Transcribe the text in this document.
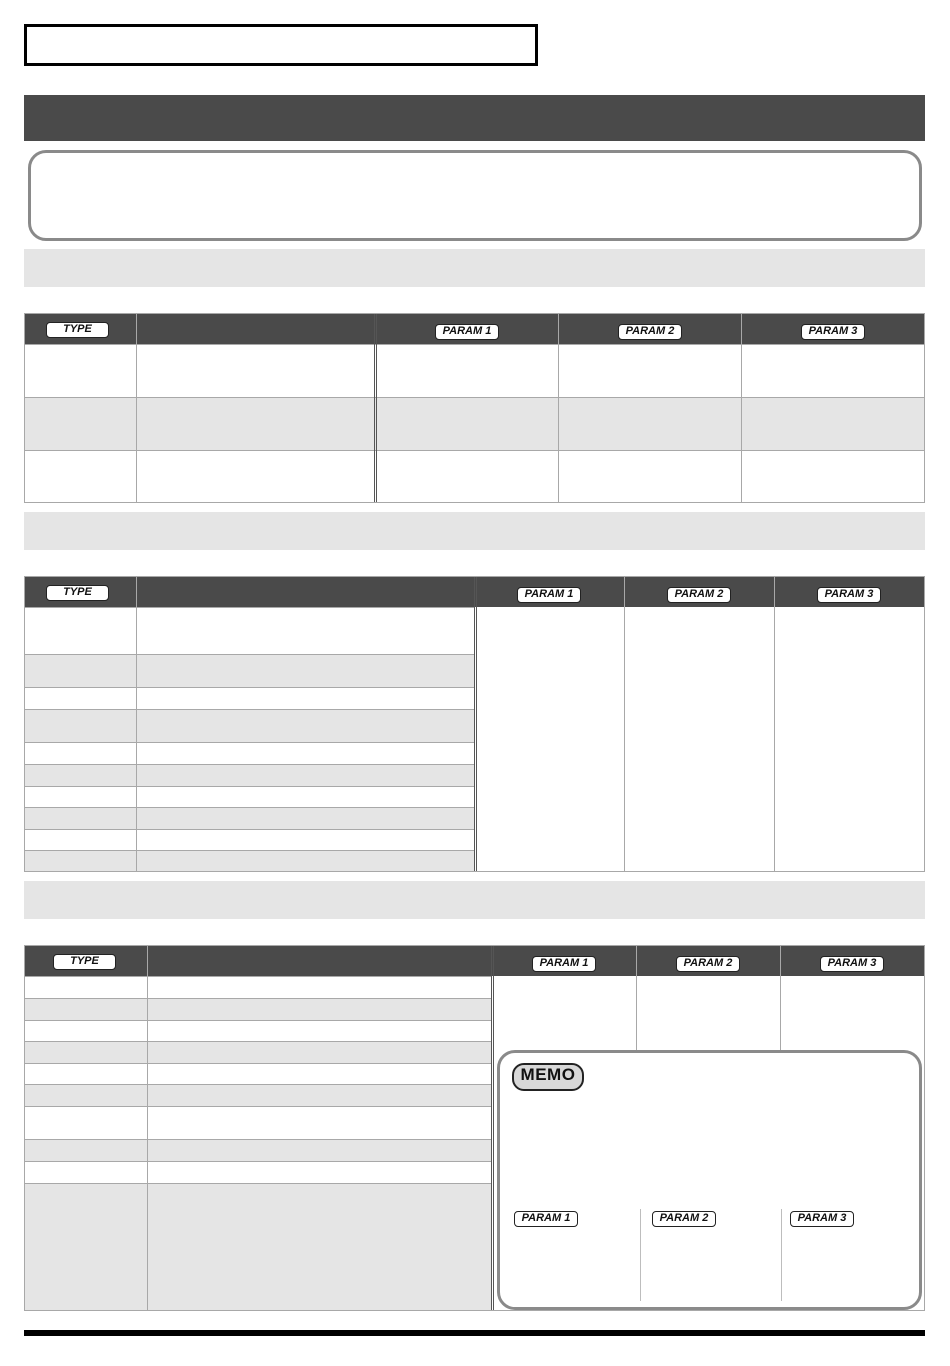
TYPE	PARAM 1	PARAM 2	PARAM 3
TYPE	PARAM 1	PARAM 2	PARAM 3
TYPE	PARAM 1	PARAM 2	PARAM 3
MEMO
PARAM 1	PARAM 2	PARAM 3
